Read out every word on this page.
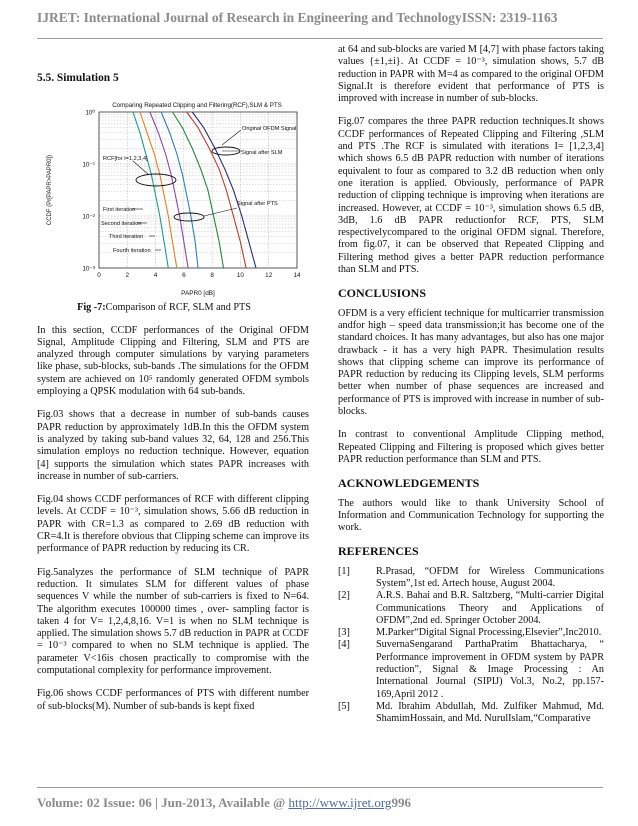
IJRET: International Journal of Research in Engineering and TechnologyISSN: 2319-1163
5.5. Simulation 5
0	2	4	6	8	10	12	14
10⁰
10⁻¹
10⁻²
10⁻³
Comparing Repeated Clipping and Filtering(RCF),SLM & PTS
PAPR0 [dB]
CCDF (Pr[PAPR>PAPR0])
Original OFDM Signal
Signal after SLM
RCF[for I=1,2,3,4]
Signal after PTS
First iteration
Second iteration
Third iteration
Fourth iteration
Fig -7:Comparison of RCF, SLM and PTS
In this section, CCDF performances of the Original OFDM Signal, Amplitude Clipping and Filtering, SLM and PTS are analyzed through computer simulations by varying parameters like phase, sub-blocks, sub-bands .The simulations for the OFDM system are achieved on 10⁵ randomly generated OFDM symbols employing a QPSK modulation with 64 sub-bands.
Fig.03 shows that a decrease in number of sub-bands causes PAPR reduction by approximately 1dB.In this the OFDM system is analyzed by taking sub-band values 32, 64, 128 and 256.This simulation employs no reduction technique. However, equation [4] supports the simulation which states PAPR increases with increase in number of sub-carriers.
Fig.04 shows CCDF performances of RCF with different clipping levels. At CCDF = 10⁻³, simulation shows, 5.66 dB reduction in PAPR with CR=1.3 as compared to 2.69 dB reduction with CR=4.It is therefore obvious that Clipping scheme can improve its performance of PAPR reduction by reducing its CR.
Fig.5analyzes the performance of SLM technique of PAPR reduction. It simulates SLM for different values of phase sequences V while the number of sub-carriers is fixed to N=64. The algorithm executes 100000 times , over- sampling factor is taken 4 for V= 1,2,4,8,16. V=1 is when no SLM technique is applied. The simulation shows 5.7 dB reduction in PAPR at CCDF = 10⁻³ compared to when no SLM technique is applied. The parameter V<16is chosen practically to compromise with the computational complexity for performance improvement.
Fig.06 shows CCDF performances of PTS with different number of sub-blocks(M). Number of sub-bands is kept fixed
at 64 and sub-blocks are varied M [4,7] with phase factors taking values {±1,±i}. At CCDF = 10⁻³, simulation shows, 5.7 dB reduction in PAPR with M=4 as compared to the original OFDM Signal.It is therefore evident that performance of PTS is improved with increase in number of sub-blocks.
Fig.07 compares the three PAPR reduction techniques.It shows CCDF performances of Repeated Clipping and Filtering ,SLM and PTS .The RCF is simulated with iterations I= [1,2,3,4] which shows 6.5 dB PAPR reduction with number of iterations equivalent to four as compared to 3.2 dB reduction when only one iteration is applied. Obviously, performance of PAPR reduction of clipping technique is improving when iterations are increased. However, at CCDF = 10⁻³, simulation shows 6.5 dB, 3dB, 1.6 dB PAPR reductionfor RCF, PTS, SLM respectivelycompared to the original OFDM signal. Therefore, from fig.07, it can be observed that Repeated Clipping and Filtering method gives a better PAPR reduction performance than SLM and PTS.
CONCLUSIONS
OFDM is a very efficient technique for multicarrier transmission andfor high – speed data transmission;it has become one of the standard choices. It has many advantages, but also has one major drawback - it has a very high PAPR. Thesimulation results shows that clipping scheme can improve its performance of PAPR reduction by reducing its Clipping levels, SLM performs better when number of phase sequences are increased and performance of PTS is improved with increase in number of sub-blocks.
In contrast to conventional Amplitude Clipping method, Repeated Clipping and Filtering is proposed which gives better PAPR reduction performance than SLM and PTS.
ACKNOWLEDGEMENTS
The authors would like to thank University School of Information and Communication Technology for supporting the work.
REFERENCES
[1]	R.Prasad, “OFDM for Wireless Communications System”,1st ed. Artech house, August 2004.
[2]	A.R.S. Bahai and B.R. Saltzberg, “Multi-carrier Digital Communications Theory and Applications of OFDM”,2nd ed. Springer October 2004.
[3]	M.Parker“Digital Signal Processing,Elsevier”,Inc2010.
[4]	SuvernaSengarand ParthaPratim Bhattacharya, “ Performance improvement in OFDM system by PAPR reduction”, Signal & Image Processing : An International Journal (SIPIJ) Vol.3, No.2, pp.157-169,April 2012 .
[5]	Md. Ibrahim Abdullah, Md. Zulfiker Mahmud, Md. ShamimHossain, and Md. NurulIslam,“Comparative
Volume: 02 Issue: 06 | Jun-2013, Available @ http://www.ijret.org996
